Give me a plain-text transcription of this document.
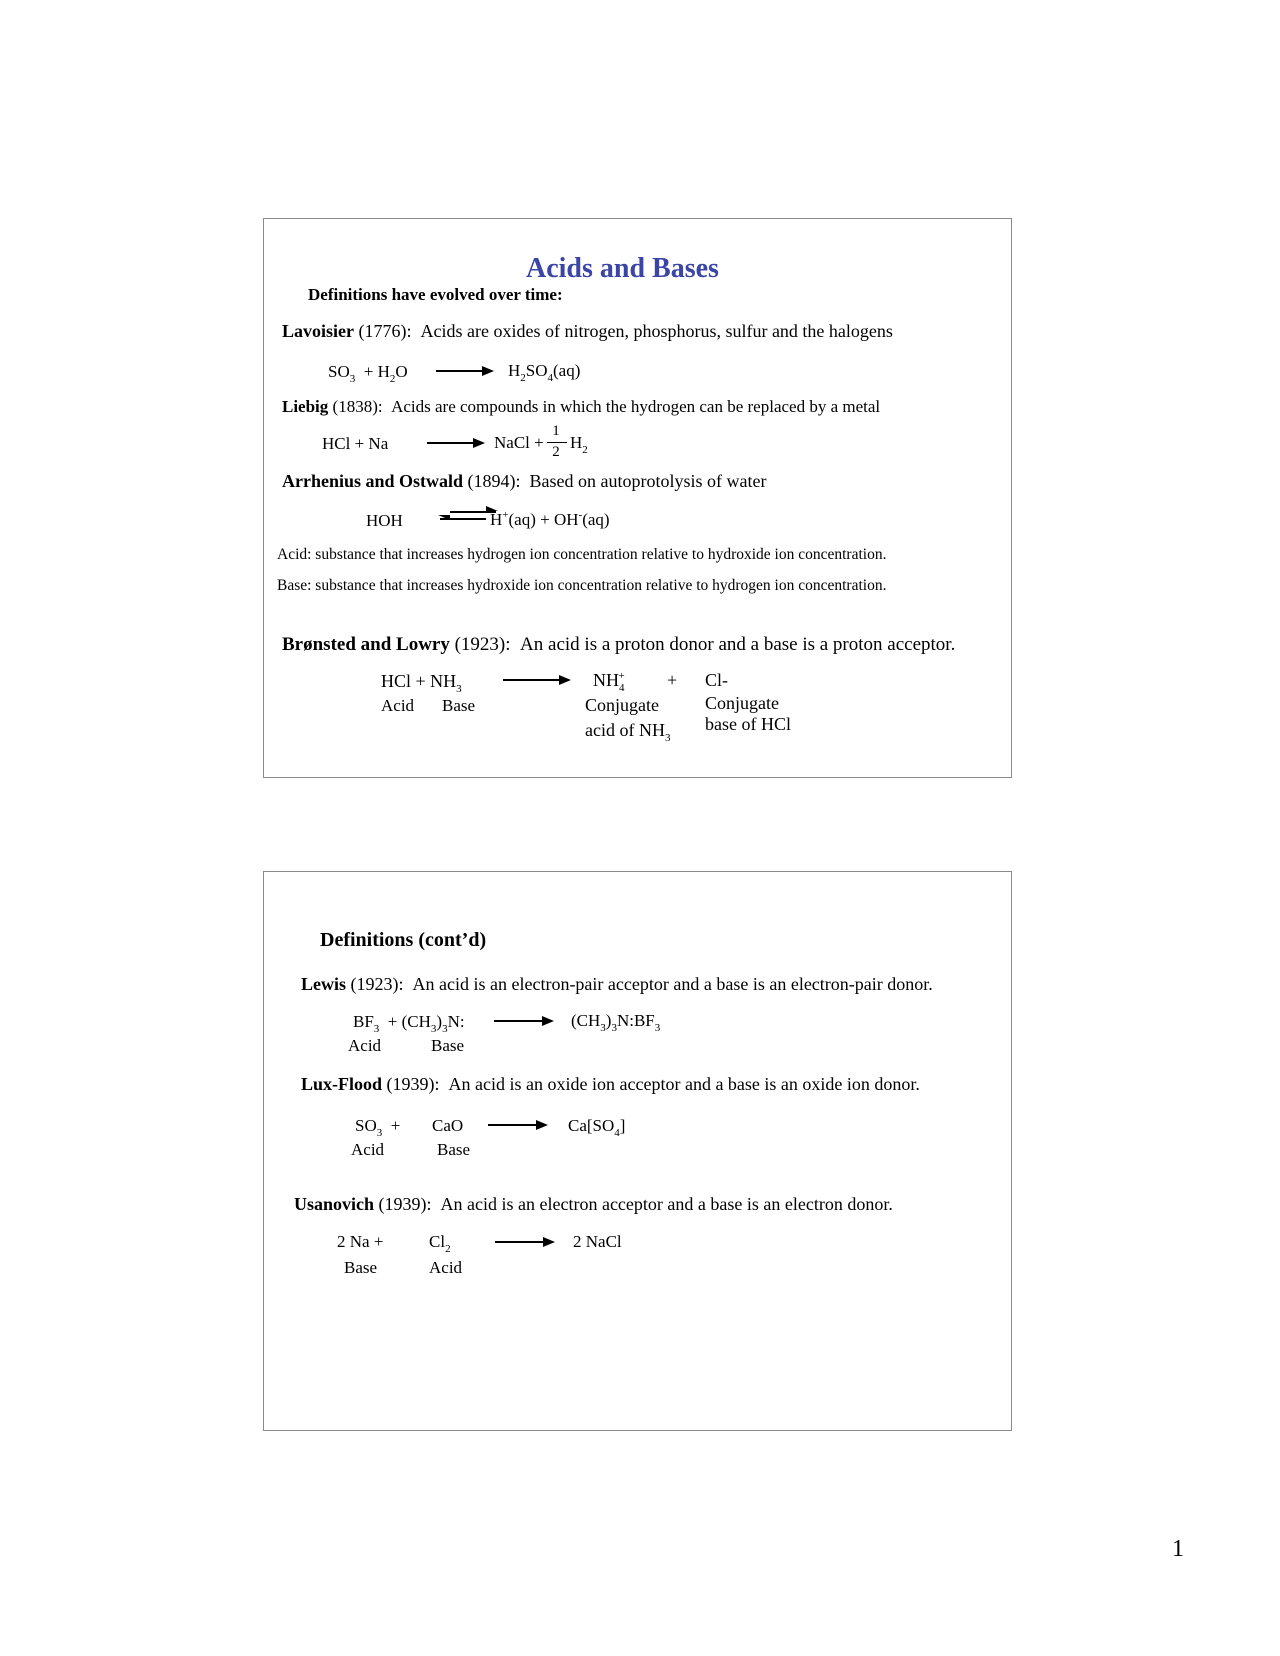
Acids and Bases
Definitions have evolved over time:
Lavoisier (1776): Acids are oxides of nitrogen, phosphorus, sulfur and the halogens
$SO_3 + H_2O \to H_2SO_4(aq)$
Liebig (1838): Acids are compounds in which the hydrogen can be replaced by a metal
HCl + Na → NaCl +
1
2 $H_2$
Arrhenius and Ostwald (1894): Based on autoprotolysis of water
HOH	H+(aq) + OH-(aq)
Acid: substance that increases hydrogen ion concentration relative to hydroxide ion concentration.
Base: substance that increases hydroxide ion concentration relative to hydrogen ion concentration.
Brønsted and Lowry (1923): An acid is a proton donor and a base is a proton acceptor.
HCl + $NH_3$
Acid Base
$NH_4^+$	+ Cl-
Conjugate
acid of $NH_3$
Conjugate
base of HCl
Definitions (cont’d)
Lewis (1923): An acid is an electron-pair acceptor and a base is an electron-pair donor.
$BF_3 + (CH_3)_3N$: → $(CH_3)_3N:BF_3$
Acid	Base
Lux-Flood (1939): An acid is an oxide ion acceptor and a base is an oxide ion donor.
$SO_3$ + CaO → $Ca[SO_4]$
Acid	Base
Usanovich (1939): An acid is an electron acceptor and a base is an electron donor.
2 Na +	$Cl_2 \to 2$ NaCl
Base	Acid
1
